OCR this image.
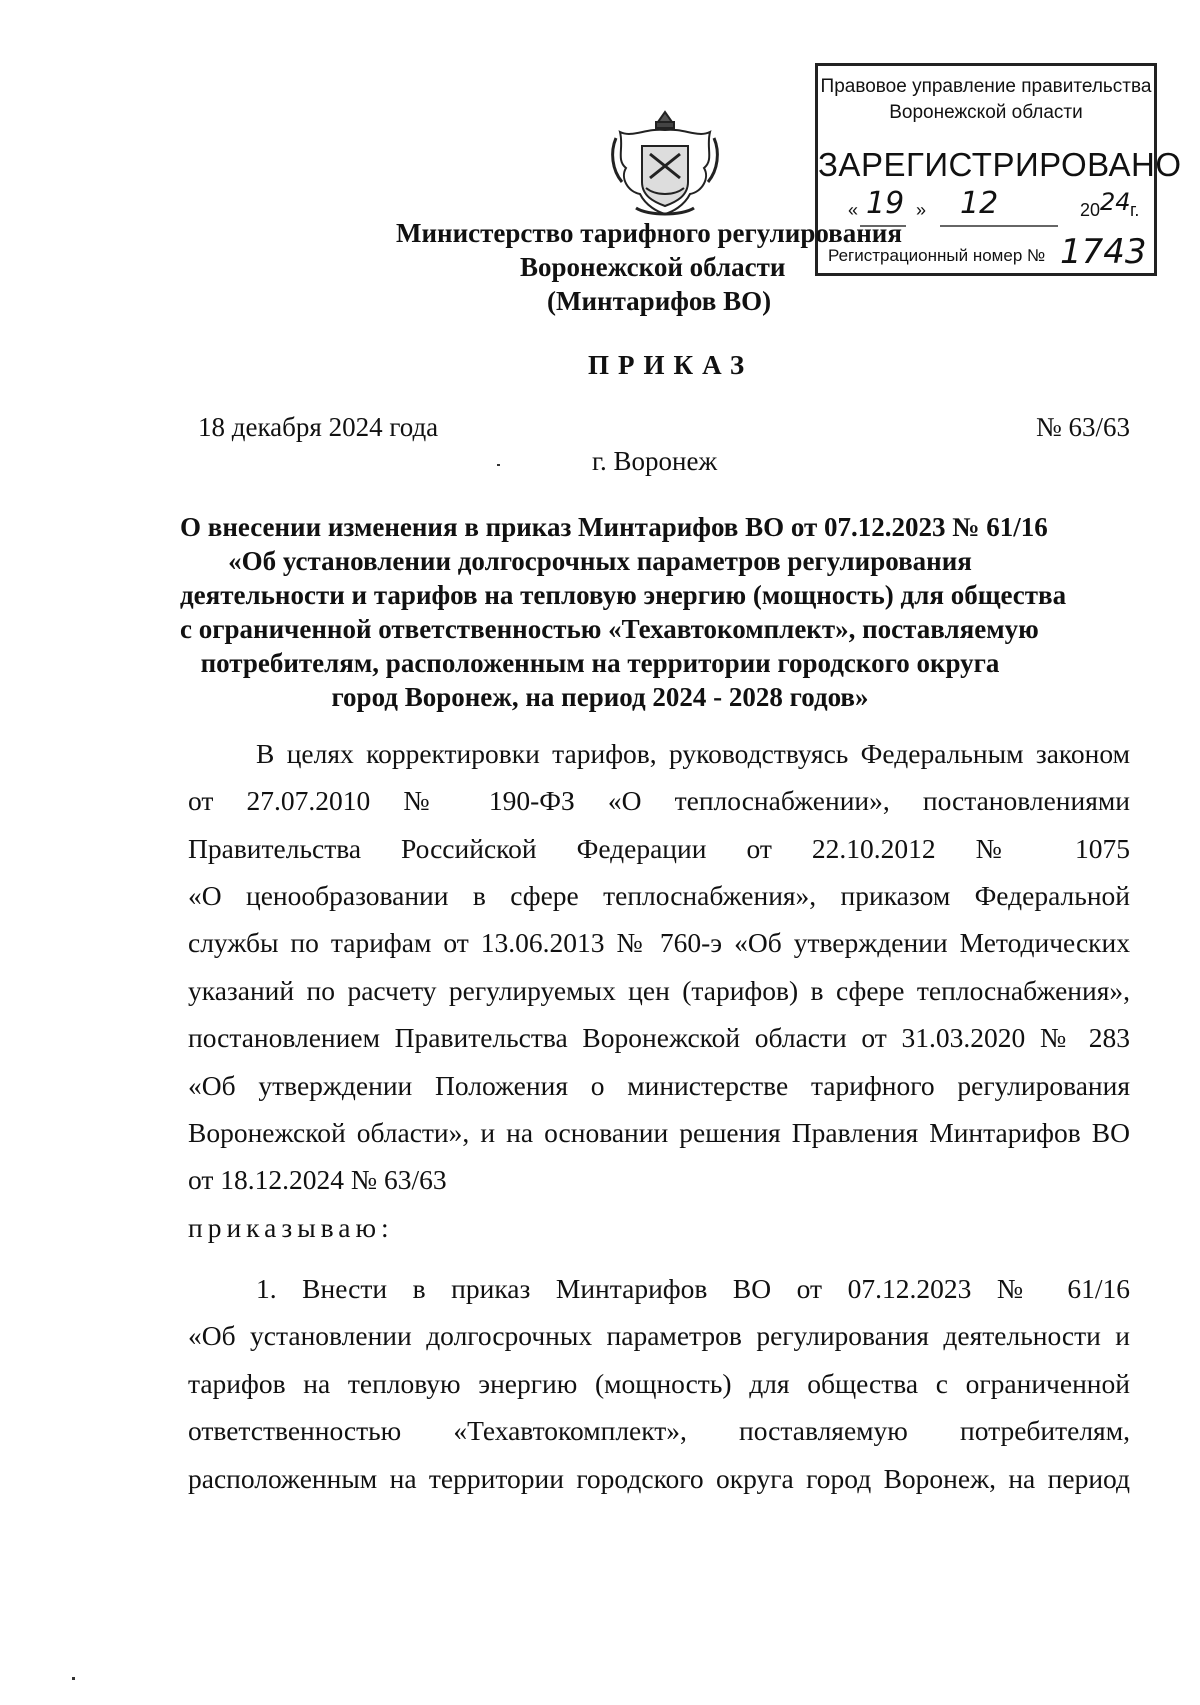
Правовое управление правительства
Воронежской области
ЗАРЕГИСТРИРОВАНО
« 19 » 12	20 24 г.
Регистрационный номер № 1743
Министерство тарифного регулирования
Воронежской области
(Минтарифов ВО)
ПРИКАЗ
18 декабря 2024 года	№ 63/63
г. Воронеж
О внесении изменения в приказ Минтарифов ВО от 07.12.2023 № 61/16
«Об установлении долгосрочных параметров регулирования
деятельности и тарифов на тепловую энергию (мощность) для общества
с ограниченной ответственностью «Техавтокомплект», поставляемую
потребителям, расположенным на территории городского округа
город Воронеж, на период 2024 - 2028 годов»
В целях корректировки тарифов, руководствуясь Федеральным законом
от 27.07.2010 № 190-ФЗ «О теплоснабжении», постановлениями
Правительства Российской Федерации от 22.10.2012 № 1075
«О ценообразовании в сфере теплоснабжения», приказом Федеральной
службы по тарифам от 13.06.2013 № 760-э «Об утверждении Методических
указаний по расчету регулируемых цен (тарифов) в сфере теплоснабжения»,
постановлением Правительства Воронежской области от 31.03.2020 № 283
«Об утверждении Положения о министерстве тарифного регулирования
Воронежской области», и на основании решения Правления Минтарифов ВО
от 18.12.2024 № 63/63
приказываю:
1. Внести в приказ Минтарифов ВО от 07.12.2023 № 61/16
«Об установлении долгосрочных параметров регулирования деятельности и
тарифов на тепловую энергию (мощность) для общества с ограниченной
ответственностью «Техавтокомплект», поставляемую потребителям,
расположенным на территории городского округа город Воронеж, на период
